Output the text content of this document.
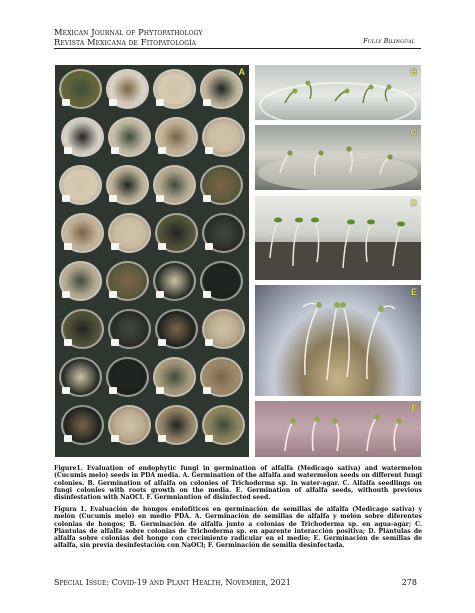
Mexican Journal of Phytopathology
Revista Mexicana de Fitopatología	Fully Bilingual
A	B
C
D
E
F
Figure1. Evaluation of endophytic fungi in germination of alfalfa (Medicago sativa) and watermelon (Cucumis melo) seeds in PDA media. A. Germination of the alfalfa and watermelon seeds on different fungi colonies. B. Germination of alfalfa on colonies of Trichoderma sp. in water-agar. C. Alfalfa seedlings on fungi colonies with roots growth on the media. E. Germination of alfalfa seeds, withouth previous disinfestation with NaOCl. F. Germniantion of disinfected seed.
Figura 1. Evaluación de hongos endofíticos en germinación de semillas de alfalfa (Medicago sativa) y melón (Cucumis melo) en medio PDA. A. Germinación de semillas de alfalfa y melón sobre diferentes colonias de hongos; B. Germinación de alfalfa junto a colonias de Trichoderma sp. en agua-agar; C. Plántulas de alfalfa sobre colonias de Trichoderma sp. en aparente interacción positiva; D. Plántulas de alfalfa sobre colonias del hongo con crecimiento radicular en el medio; E. Germinación de semillas de alfalfa, sin previa desinfestación con NaOCl; F. Germinación de semilla desinfectada.
Special Issue: Covid-19 and Plant Health, November, 2021	278
